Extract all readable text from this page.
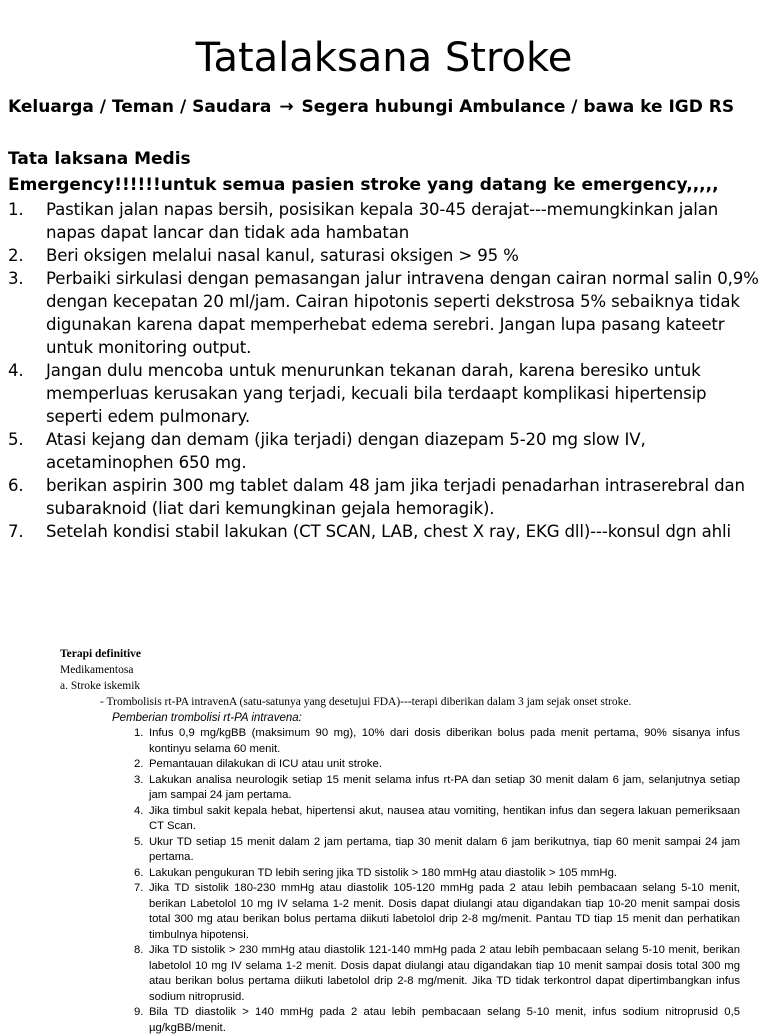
Tatalaksana Stroke
Keluarga / Teman / Saudara → Segera hubungi Ambulance / bawa ke IGD RS
Tata laksana Medis
Emergency!!!!!!untuk semua pasien stroke yang datang ke emergency,,,,,
1. Pastikan jalan napas bersih, posisikan kepala 30-45 derajat---memungkinkan jalan napas dapat lancar dan tidak ada hambatan
2. Beri oksigen melalui nasal kanul, saturasi oksigen > 95 %
3. Perbaiki sirkulasi dengan pemasangan jalur intravena dengan cairan normal salin 0,9% dengan kecepatan 20 ml/jam. Cairan hipotonis seperti dekstrosa 5% sebaiknya tidak digunakan karena dapat memperhebat edema serebri. Jangan lupa pasang kateetr untuk monitoring output.
4. Jangan dulu mencoba untuk menurunkan tekanan darah, karena beresiko untuk memperluas kerusakan yang terjadi, kecuali bila terdaapt komplikasi hipertensip seperti edem pulmonary.
5. Atasi kejang dan demam (jika terjadi) dengan diazepam 5-20 mg slow IV, acetaminophen 650 mg.
6. berikan aspirin 300 mg tablet dalam 48 jam jika terjadi penadarhan intraserebral dan subaraknoid (liat dari kemungkinan gejala hemoragik).
7. Setelah kondisi stabil lakukan (CT SCAN, LAB, chest X ray, EKG dll)---konsul dgn ahli
Terapi definitive
Medikamentosa
a. Stroke iskemik
- Trombolisis rt-PA intravenA (satu-satunya yang desetujui FDA)---terapi diberikan dalam 3 jam sejak onset stroke.
Pemberian trombolisi rt-PA intravena:
1. Infus 0,9 mg/kgBB (maksimum 90 mg), 10% dari dosis diberikan bolus pada menit pertama, 90% sisanya infus kontinyu selama 60 menit.
2. Pemantauan dilakukan di ICU atau unit stroke.
3. Lakukan analisa neurologik setiap 15 menit selama infus rt-PA dan setiap 30 menit dalam 6 jam, selanjutnya setiap jam sampai 24 jam pertama.
4. Jika timbul sakit kepala hebat, hipertensi akut, nausea atau vomiting, hentikan infus dan segera lakuan pemeriksaan CT Scan.
5. Ukur TD setiap 15 menit dalam 2 jam pertama, tiap 30 menit dalam 6 jam berikutnya, tiap 60 menit sampai 24 jam pertama.
6. Lakukan pengukuran TD lebih sering jika TD sistolik > 180 mmHg atau diastolik > 105 mmHg.
7. Jika TD sistolik 180-230 mmHg atau diastolik 105-120 mmHg pada 2 atau lebih pembacaan selang 5-10 menit, berikan Labetolol 10 mg IV selama 1-2 menit. Dosis dapat diulangi atau digandakan tiap 10-20 menit sampai dosis total 300 mg atau berikan bolus pertama diikuti labetolol drip 2-8 mg/menit. Pantau TD tiap 15 menit dan perhatikan timbulnya hipotensi.
8. Jika TD sistolik > 230 mmHg atau diastolik 121-140 mmHg pada 2 atau lebih pembacaan selang 5-10 menit, berikan labetolol 10 mg IV selama 1-2 menit. Dosis dapat diulangi atau digandakan tiap 10 menit sampai dosis total 300 mg atau berikan bolus pertama diikuti labetolol drip 2-8 mg/menit. Jika TD tidak terkontrol dapat dipertimbangkan infus sodium nitroprusid.
9. Bila TD diastolik > 140 mmHg pada 2 atau lebih pembacaan selang 5-10 menit, infus sodium nitroprusid 0,5 µg/kgBB/menit.
